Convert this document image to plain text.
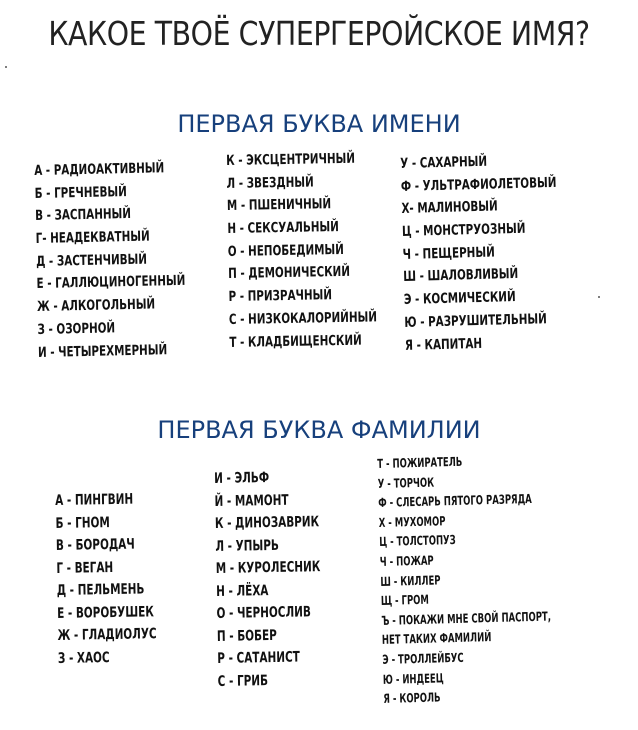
КАКОЕ ТВОЁ СУПЕРГЕРОЙСКОЕ ИМЯ?
ПЕРВАЯ БУКВА ИМЕНИ
А - РАДИОАКТИВНЫЙ
Б - ГРЕЧНЕВЫЙ
В - ЗАСПАННЫЙ
Г- НЕАДЕКВАТНЫЙ
Д - ЗАСТЕНЧИВЫЙ
Е - ГАЛЛЮЦИНОГЕННЫЙ
Ж - АЛКОГОЛЬНЫЙ
З - ОЗОРНОЙ
И - ЧЕТЫРЕХМЕРНЫЙ
К - ЭКСЦЕНТРИЧНЫЙ
Л - ЗВЕЗДНЫЙ
М - ПШЕНИЧНЫЙ
Н - СЕКСУАЛЬНЫЙ
О - НЕПОБЕДИМЫЙ
П - ДЕМОНИЧЕСКИЙ
Р - ПРИЗРАЧНЫЙ
С - НИЗКОКАЛОРИЙНЫЙ
Т - КЛАДБИЩЕНСКИЙ
У - САХАРНЫЙ
Ф - УЛЬТРАФИОЛЕТОВЫЙ
Х- МАЛИНОВЫЙ
Ц - МОНСТРУОЗНЫЙ
Ч - ПЕЩЕРНЫЙ
Ш - ШАЛОВЛИВЫЙ
Э - КОСМИЧЕСКИЙ
Ю - РАЗРУШИТЕЛЬНЫЙ
Я - КАПИТАН
ПЕРВАЯ БУКВА ФАМИЛИИ
А - ПИНГВИН
Б - ГНОМ
В - БОРОДАЧ
Г - ВЕГАН
Д - ПЕЛЬМЕНЬ
Е - ВОРОБУШЕК
Ж - ГЛАДИОЛУС
З - ХАОС
И - ЭЛЬФ
Й - МАМОНТ
К - ДИНОЗАВРИК
Л - УПЫРЬ
М - КУРОЛЕСНИК
Н - ЛЁХА
О - ЧЕРНОСЛИВ
П - БОБЕР
Р - САТАНИСТ
С - ГРИБ
Т - ПОЖИРАТЕЛЬ
У - ТОРЧОК
Ф - СЛЕСАРЬ ПЯТОГО РАЗРЯДА
Х - МУХОМОР
Ц - ТОЛСТОПУЗ
Ч - ПОЖАР
Ш - КИЛЛЕР
Щ - ГРОМ
Ъ - ПОКАЖИ МНЕ СВОЙ ПАСПОРТ,
НЕТ ТАКИХ ФАМИЛИЙ
Э - ТРОЛЛЕЙБУС
Ю - ИНДЕЕЦ
Я - КОРОЛЬ
